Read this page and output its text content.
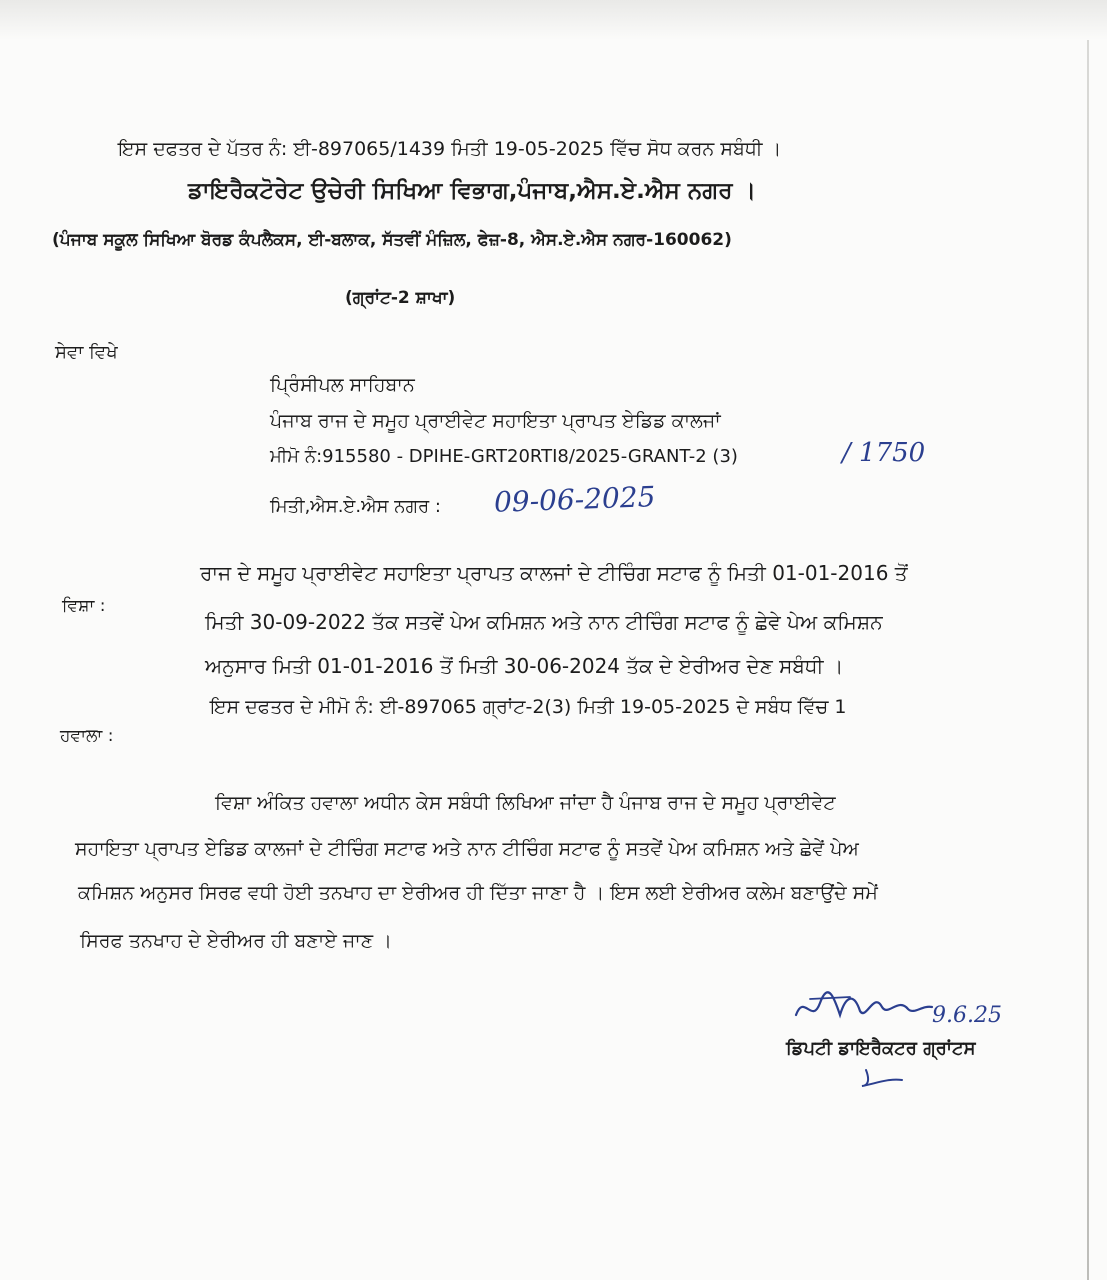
ਇਸ ਦਫਤਰ ਦੇ ਪੱਤਰ ਨੰ: ਈ-897065/1439 ਮਿਤੀ 19-05-2025 ਵਿੱਚ ਸੋਧ ਕਰਨ ਸਬੰਧੀ ।
ਡਾਇਰੈਕਟੋਰੇਟ ਉਚੇਰੀ ਸਿਖਿਆ ਵਿਭਾਗ,ਪੰਜਾਬ,ਐਸ.ਏ.ਐਸ ਨਗਰ ।
(ਪੰਜਾਬ ਸਕੂਲ ਸਿਖਿਆ ਬੋਰਡ ਕੰਪਲੈਕਸ, ਈ-ਬਲਾਕ, ਸੱਤਵੀਂ ਮੰਜ਼ਿਲ, ਫੇਜ਼-8, ਐਸ.ਏ.ਐਸ ਨਗਰ-160062)
(ਗ੍ਰਾਂਟ-2 ਸ਼ਾਖਾ)
ਸੇਵਾ ਵਿਖੇ
ਪ੍ਰਿੰਸੀਪਲ ਸਾਹਿਬਾਨ
ਪੰਜਾਬ ਰਾਜ ਦੇ ਸਮੂਹ ਪ੍ਰਾਈਵੇਟ ਸਹਾਇਤਾ ਪ੍ਰਾਪਤ ਏਡਿਡ ਕਾਲਜਾਂ
ਮੀਮੋ ਨੰ:915580 - DPIHE-GRT20RTI8/2025-GRANT-2 (3)	/ 1750
ਮਿਤੀ,ਐਸ.ਏ.ਐਸ ਨਗਰ : 09-06-2025
ਵਿਸ਼ਾ :
ਰਾਜ ਦੇ ਸਮੂਹ ਪ੍ਰਾਈਵੇਟ ਸਹਾਇਤਾ ਪ੍ਰਾਪਤ ਕਾਲਜਾਂ ਦੇ ਟੀਚਿੰਗ ਸਟਾਫ ਨੂੰ ਮਿਤੀ 01-01-2016 ਤੋਂ
ਮਿਤੀ 30-09-2022 ਤੱਕ ਸਤਵੇਂ ਪੇਅ ਕਮਿਸ਼ਨ ਅਤੇ ਨਾਨ ਟੀਚਿੰਗ ਸਟਾਫ ਨੂੰ ਛੇਵੇ ਪੇਅ ਕਮਿਸ਼ਨ
ਅਨੁਸਾਰ ਮਿਤੀ 01-01-2016 ਤੋਂ ਮਿਤੀ 30-06-2024 ਤੱਕ ਦੇ ਏਰੀਅਰ ਦੇਣ ਸਬੰਧੀ ।
ਹਵਾਲਾ :
ਇਸ ਦਫਤਰ ਦੇ ਮੀਮੋ ਨੰ: ਈ-897065 ਗ੍ਰਾਂਟ-2(3) ਮਿਤੀ 19-05-2025 ਦੇ ਸਬੰਧ ਵਿੱਚ 1
ਵਿਸ਼ਾ ਅੰਕਿਤ ਹਵਾਲਾ ਅਧੀਨ ਕੇਸ ਸਬੰਧੀ ਲਿਖਿਆ ਜਾਂਦਾ ਹੈ ਪੰਜਾਬ ਰਾਜ ਦੇ ਸਮੂਹ ਪ੍ਰਾਈਵੇਟ
ਸਹਾਇਤਾ ਪ੍ਰਾਪਤ ਏਡਿਡ ਕਾਲਜਾਂ ਦੇ ਟੀਚਿੰਗ ਸਟਾਫ ਅਤੇ ਨਾਨ ਟੀਚਿੰਗ ਸਟਾਫ ਨੂੰ ਸਤਵੇਂ ਪੇਅ ਕਮਿਸ਼ਨ ਅਤੇ ਛੇਵੇਂ ਪੇਅ
ਕਮਿਸ਼ਨ ਅਨੁਸਰ ਸਿਰਫ ਵਧੀ ਹੋਈ ਤਨਖਾਹ ਦਾ ਏਰੀਅਰ ਹੀ ਦਿੱਤਾ ਜਾਣਾ ਹੈ । ਇਸ ਲਈ ਏਰੀਅਰ ਕਲੇਮ ਬਣਾਉਂਦੇ ਸਮੇਂ
ਸਿਰਫ ਤਨਖਾਹ ਦੇ ਏਰੀਅਰ ਹੀ ਬਣਾਏ ਜਾਣ ।
9.6.25
ਡਿਪਟੀ ਡਾਇਰੈਕਟਰ ਗ੍ਰਾਂਟਸ
